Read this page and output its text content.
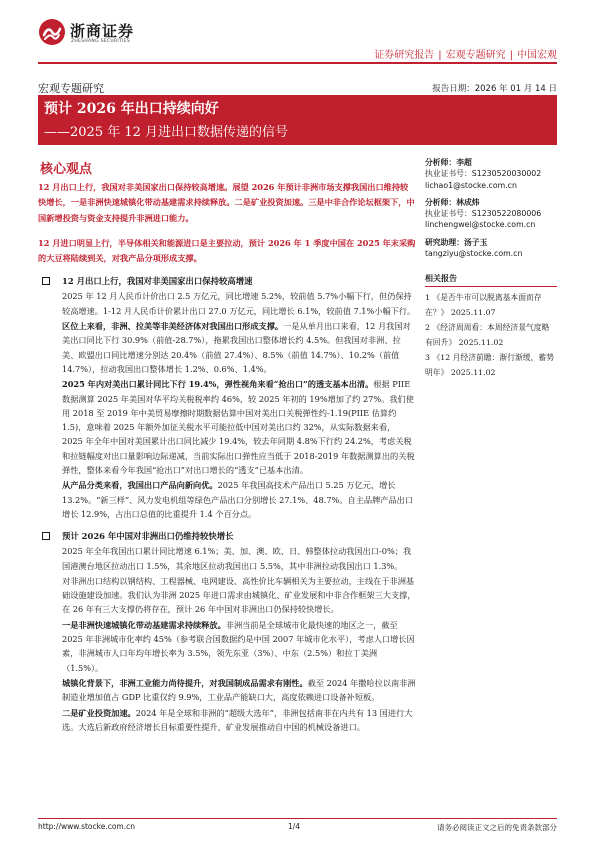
浙商证券
ZHESHANG SECURITIES
证券研究报告 | 宏观专题研究 | 中国宏观
宏观专题研究	报告日期：2026 年 01 月 14 日
预计 2026 年出口持续向好
——2025 年 12 月进出口数据传递的信号
核心观点

12 月出口上行，我国对非美国家出口保持较高增速。展望 2026 年预计非洲市场支撑我国出口维持较快增长，一是非洲快速城镇化带动基建需求持续释放。二是矿业投资加速。三是中非合作论坛框架下，中国新增投资与资金支持提升非洲进口能力。

12 月进口明显上行，半导体相关和能源进口是主要拉动，预计 2026 年 1 季度中国在 2025 年末采购的大豆将陆续到关，对我产品分项形成支撑。

12 月出口上行，我国对非美国家出口保持较高增速

2025 年 12 月人民币计价出口 2.5 万亿元，同比增速 5.2%，较前值 5.7%小幅下行，但仍保持较高增速。1-12 月人民币计价累计出口 27.0 万亿元，同比增长 6.1%，较前值 7.1%小幅下行。

区位上来看，非洲、拉美等非美经济体对我国出口形成支撑。一是从单月出口来看，12 月我国对美出口同比下行 30.9%（前值-28.7%），拖累我国出口整体增长约 4.5%。但我国对非洲、拉美、欧盟出口同比增速分别达 20.4%（前值 27.4%）、8.5%（前值 14.7%）、10.2%（前值 14.7%），拉动我国出口整体增长 1.2%、0.6%、1.4%。

2025 年内对美出口累计同比下行 19.4%，弹性视角来看“抢出口”的透支基本出清。根据 PIIE 数据测算 2025 年美国对华平均关税税率约 46%，较 2025 年初的 19%增加了约 27%。我们使用 2018 至 2019 年中美贸易摩擦时期数据估算中国对美出口关税弹性约-1.19(PIIE 估算约 1.5)，意味着 2025 年额外加征关税水平可能拉低中国对美出口约 32%，从实际数据来看，2025 年全年中国对美国累计出口同比减少 19.4%，较去年同期 4.8%下行约 24.2%，考虑关税和拉链幅度对出口量影响边际递减，当前实际出口弹性应当低于 2018-2019 年数据测算出的关税弹性，整体来看今年我国“抢出口”对出口增长的“透支”已基本出清。

从产品分类来看，我国出口产品向新向优。2025 年我国高技术产品出口 5.25 万亿元，增长 13.2%。“新三样”、风力发电机组等绿色产品出口分别增长 27.1%、48.7%。自主品牌产品出口增长 12.9%，占出口总值的比重提升 1.4 个百分点。

预计 2026 年中国对非洲出口仍维持较快增长

2025 年全年我国出口累计同比增速 6.1%；美、加、澳、欧、日、韩整体拉动我国出口-0%；我国港澳台地区拉动出口 1.5%，其余地区拉动我国出口 5.5%，其中非洲拉动我国出口 1.3%。

对非洲出口结构以钢结构、工程器械、电网建设、高性价比车辆相关为主要拉动，主线在于非洲基础设施建设加速。我们认为非洲 2025 年进口需求由城镇化、矿业发展和中非合作框架三大支撑，在 26 年有三大支撑仍将存在，预计 26 年中国对非洲出口仍保持较快增长。

一是非洲快速城镇化带动基建需求持续释放。非洲当前是全球城市化最快速的地区之一，截至 2025 年非洲城市化率约 45%（参考联合国数据约是中国 2007 年城市化水平），考虑人口增长因素，非洲城市人口年均年增长率为 3.5%，领先东亚（3%）、中东（2.5%）和拉丁美洲（1.5%）。

城镇化背景下，非洲工业能力尚待提升，对我国制成品需求有刚性。截至 2024 年撒哈拉以南非洲制造业增加值占 GDP 比重仅约 9.9%，工业品产能缺口大，高度依赖进口设备补短板。

二是矿业投资加速。2024 年是全球和非洲的“超级大选年”，非洲包括南非在内共有 13 国进行大选。大选后新政府经济增长目标重要性提升，矿业发展推动自中国的机械设备进口。

分析师：李超
执业证书号：S1230520030002
lichao1@stocke.com.cn
分析师：林成炜
执业证书号：S1230522080006
linchengwei@stocke.com.cn
研究助理：汤子玉
tangziyu@stocke.com.cn
相关报告
1 《是否牛市可以脱离基本面而存在？》 2025.11.07
2 《经济周周看：本周经济景气度略有回升》 2025.11.02
3 《12 月经济前瞻：渐行渐缓，蓄势明年》 2025.11.02
http://www.stocke.com.cn	1/4	请务必阅读正文之后的免责条款部分
